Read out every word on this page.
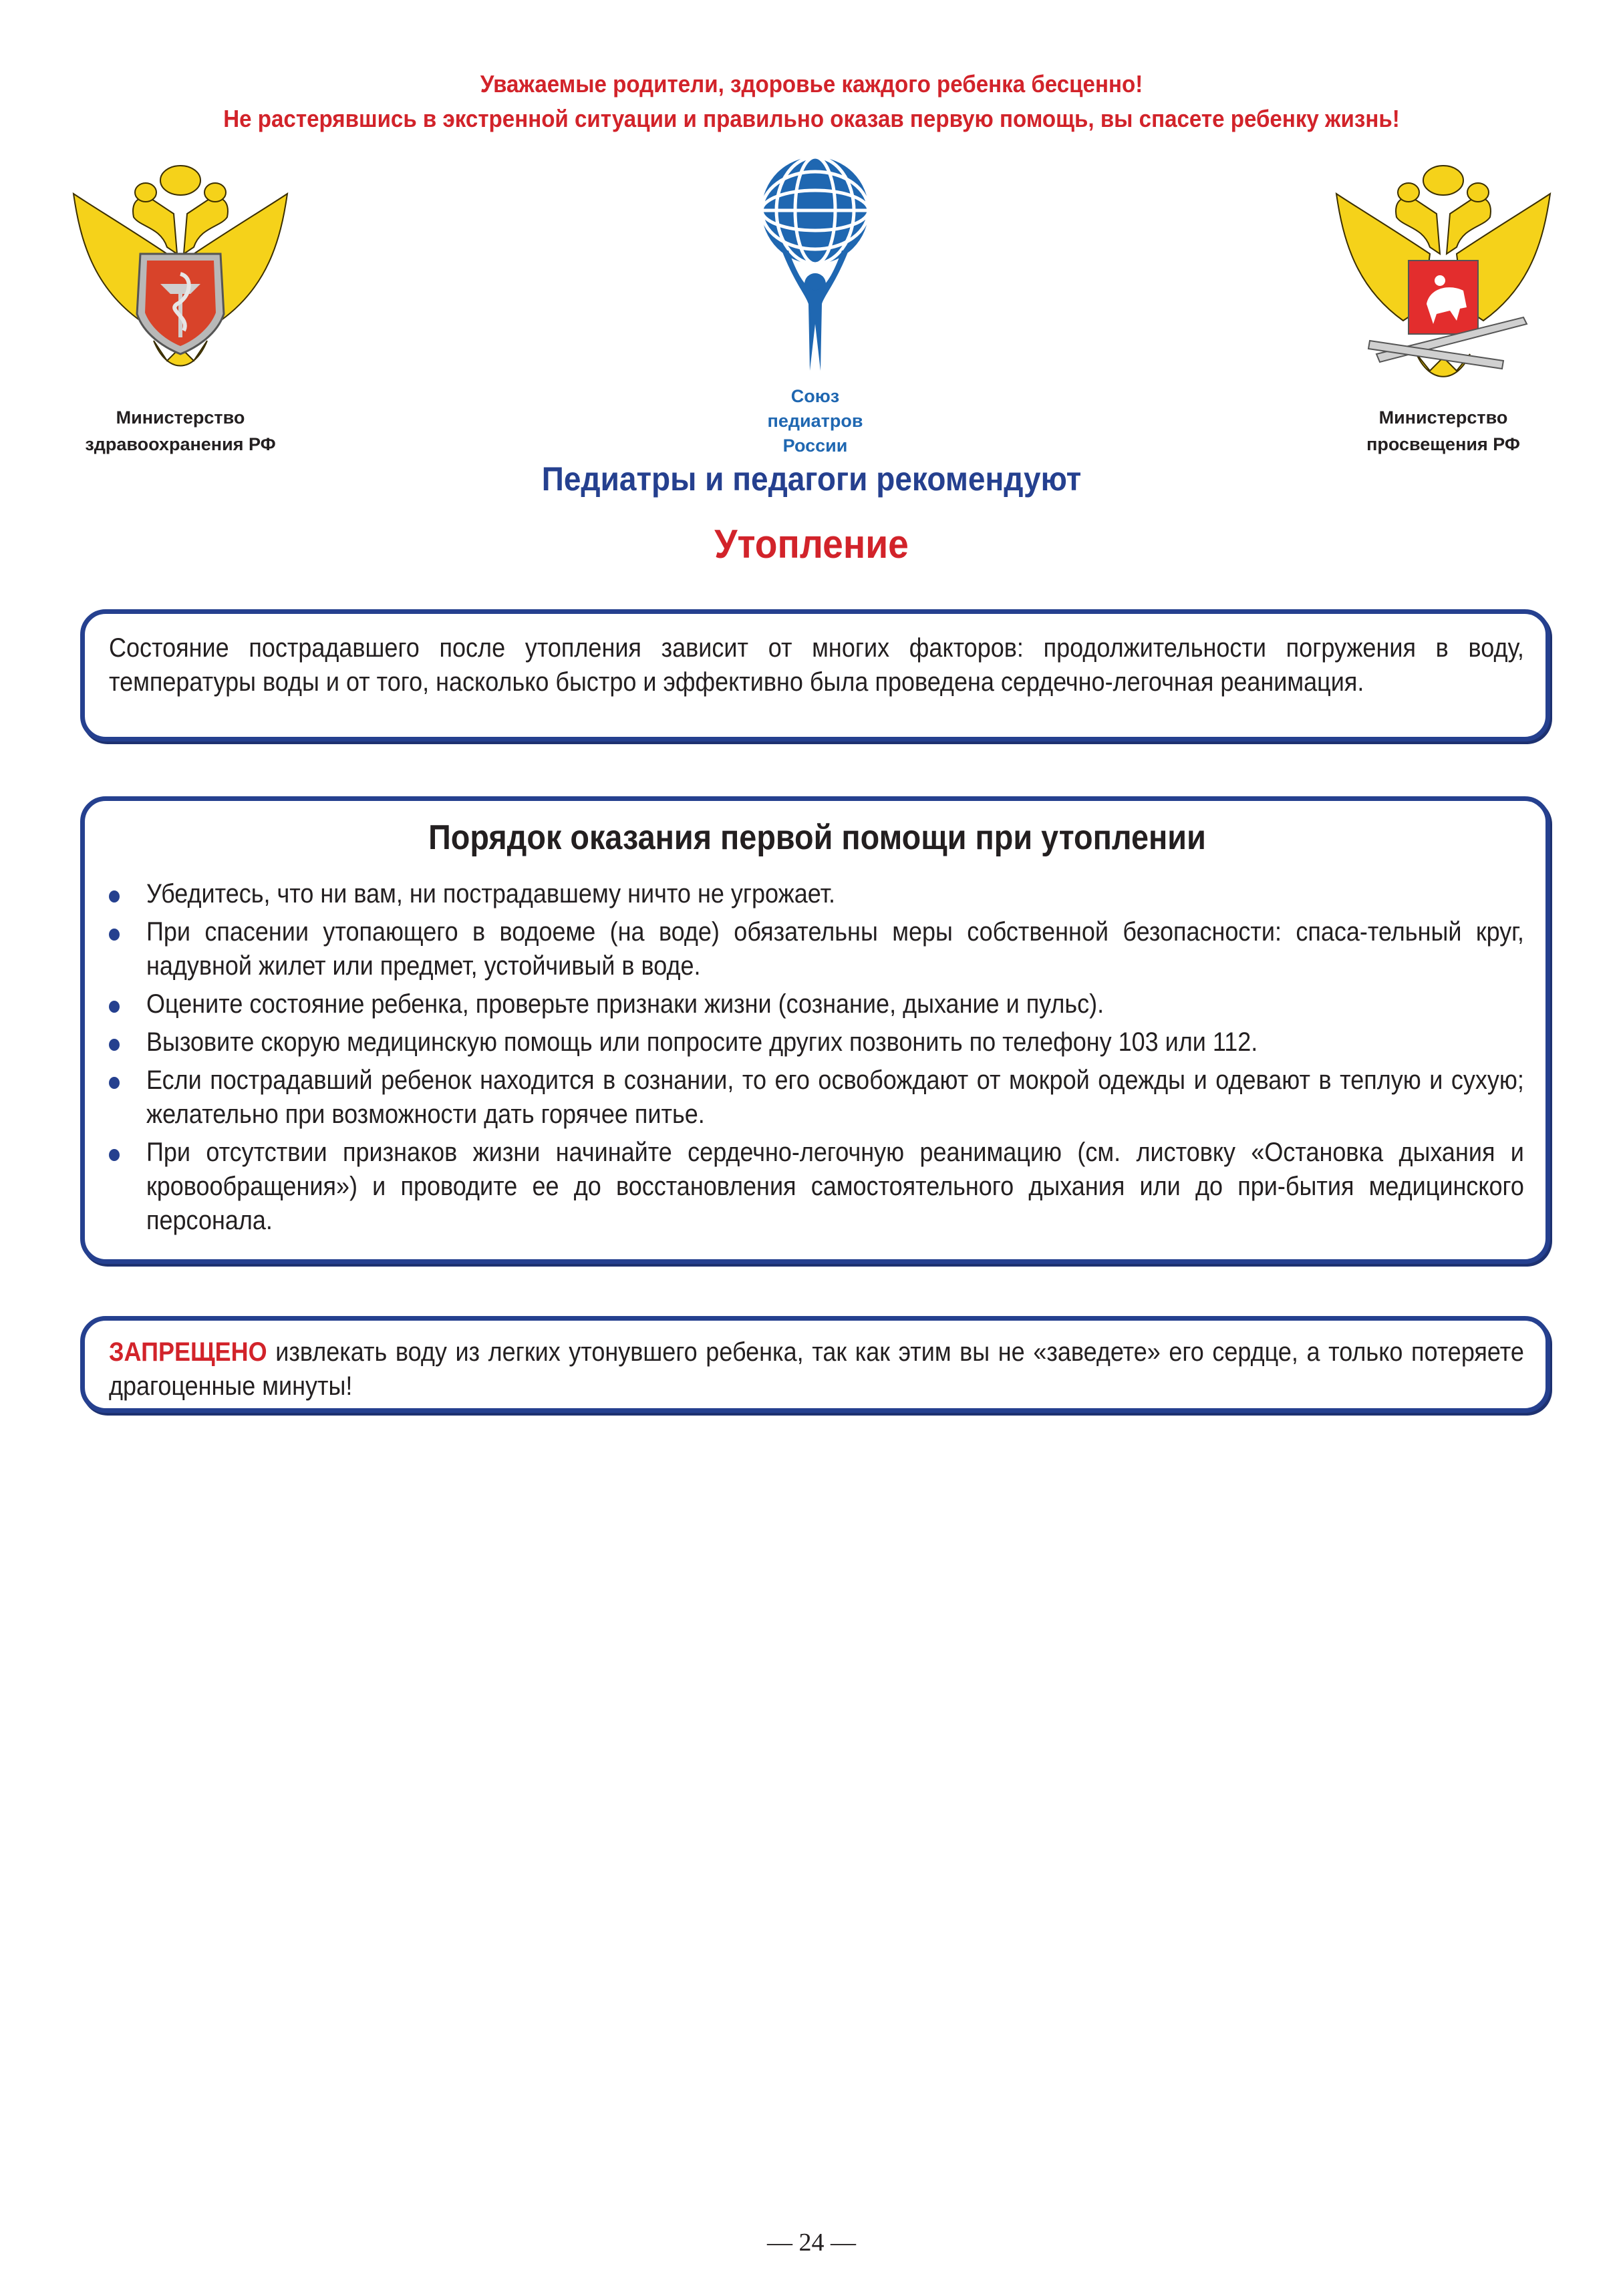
Уважаемые родители, здоровье каждого ребенка бесценно!
Не растерявшись в экстренной ситуации и правильно оказав первую помощь, вы спасете ребенку жизнь!
Министерство
здравоохранения РФ
Союз
педиатров
России
Министерство
просвещения РФ
Педиатры и педагоги рекомендуют
Утопление
Состояние пострадавшего после утопления зависит от многих факторов: продолжительности погружения в воду, температуры воды и от того, насколько быстро и эффективно была проведена сердечно-легочная реанимация.
Порядок оказания первой помощи при утоплении
Убедитесь, что ни вам, ни пострадавшему ничто не угрожает.
При спасении утопающего в водоеме (на воде) обязательны меры собственной безопасности: спаса-тельный круг, надувной жилет или предмет, устойчивый в воде.
Оцените состояние ребенка, проверьте признаки жизни (сознание, дыхание и пульс).
Вызовите скорую медицинскую помощь или попросите других позвонить по телефону 103 или 112.
Если пострадавший ребенок находится в сознании, то его освобождают от мокрой одежды и одевают в теплую и сухую; желательно при возможности дать горячее питье.
При отсутствии признаков жизни начинайте сердечно-легочную реанимацию (см. листовку «Остановка дыхания и кровообращения») и проводите ее до восстановления самостоятельного дыхания или до при-бытия медицинского персонала.
ЗАПРЕЩЕНО извлекать воду из легких утонувшего ребенка, так как этим вы не «заведете» его сердце, а только потеряете драгоценные минуты!
— 24 —
